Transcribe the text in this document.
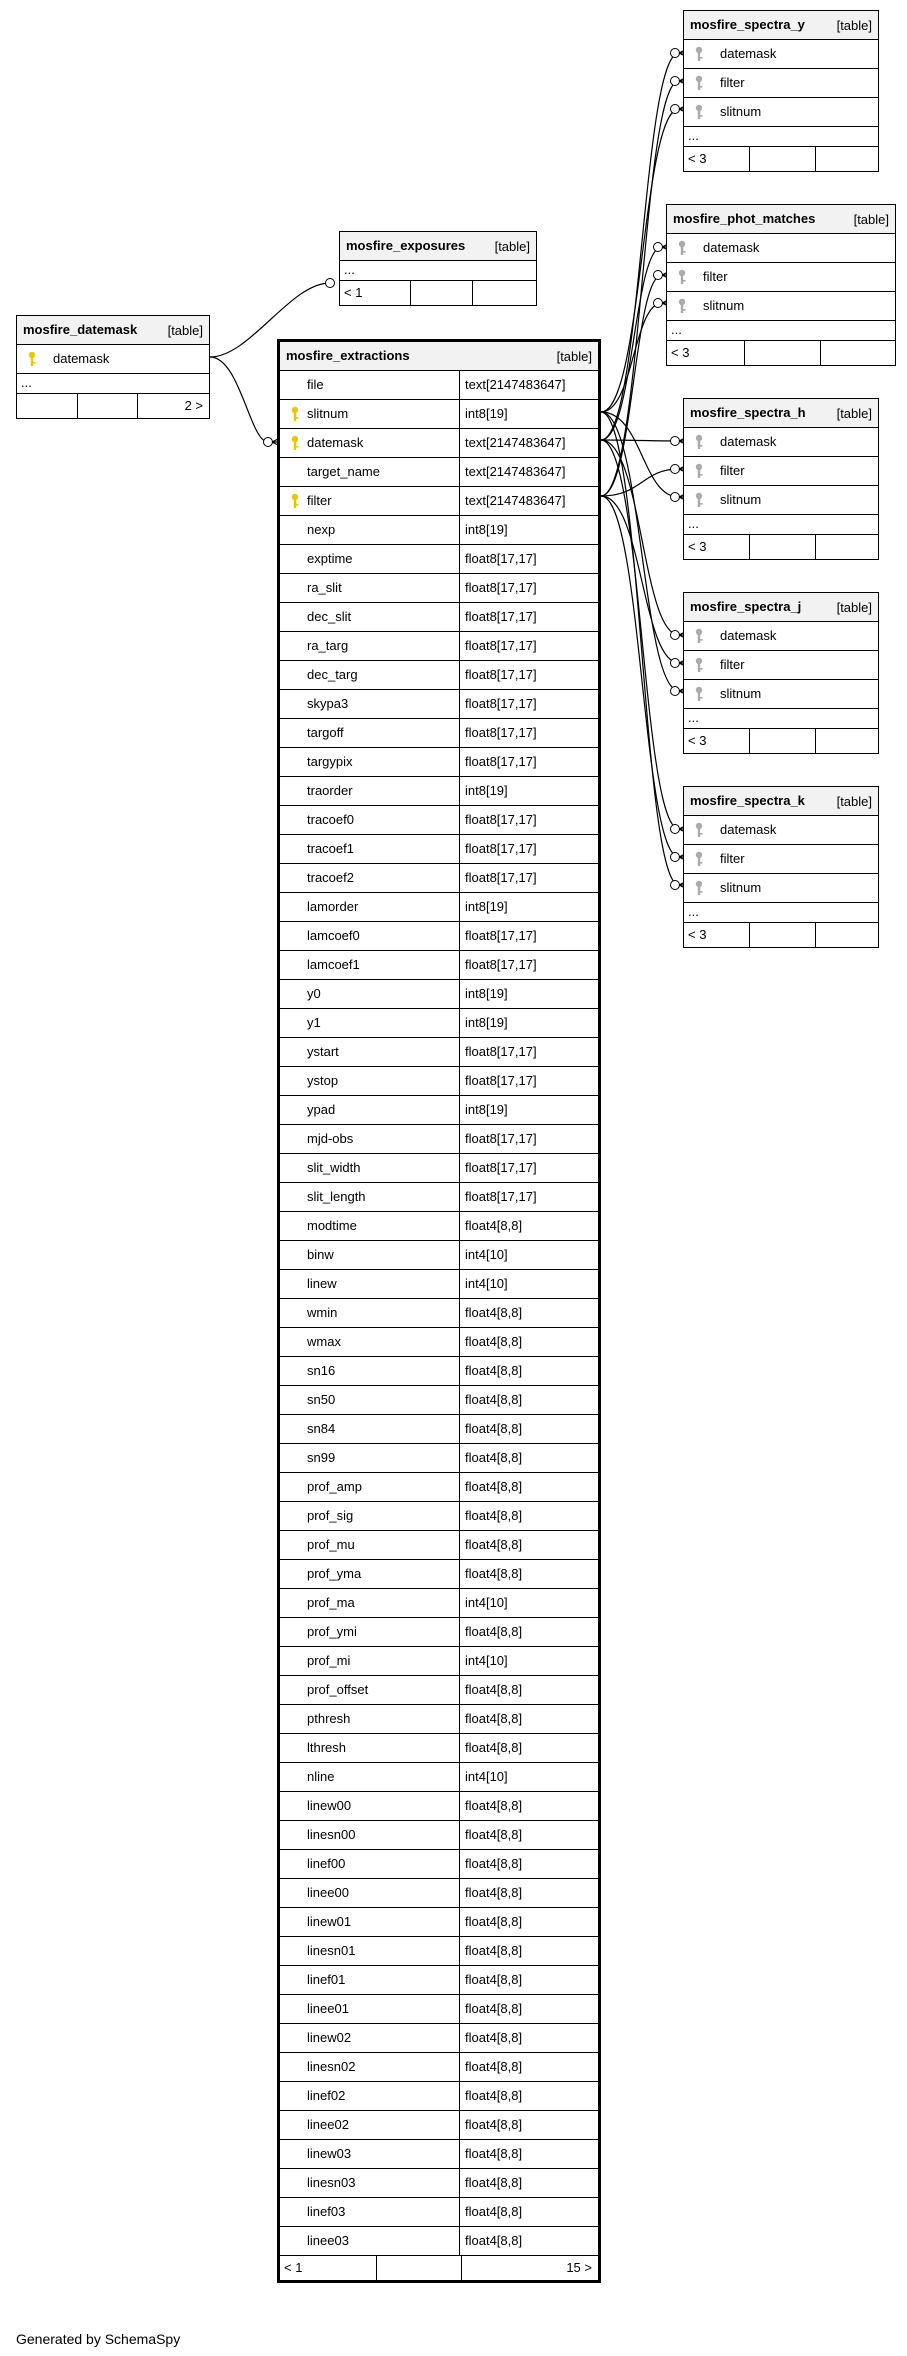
mosfire_datemask [table]
datemask
...
2 >
mosfire_exposures [table]
...
< 1
mosfire_extractions	[table]
file	text[2147483647]
slitnum	int8[19]
datemask	text[2147483647]
target_name	text[2147483647]
filter	text[2147483647]
nexp	int8[19]
exptime	float8[17,17]
ra_slit	float8[17,17]
dec_slit	float8[17,17]
ra_targ	float8[17,17]
dec_targ	float8[17,17]
skypa3	float8[17,17]
targoff	float8[17,17]
targypix	float8[17,17]
traorder	int8[19]
tracoef0	float8[17,17]
tracoef1	float8[17,17]
tracoef2	float8[17,17]
lamorder	int8[19]
lamcoef0	float8[17,17]
lamcoef1	float8[17,17]
y0	int8[19]
y1	int8[19]
ystart	float8[17,17]
ystop	float8[17,17]
ypad	int8[19]
mjd-obs	float8[17,17]
slit_width	float8[17,17]
slit_length	float8[17,17]
modtime	float4[8,8]
binw	int4[10]
linew	int4[10]
wmin	float4[8,8]
wmax	float4[8,8]
sn16	float4[8,8]
sn50	float4[8,8]
sn84	float4[8,8]
sn99	float4[8,8]
prof_amp	float4[8,8]
prof_sig	float4[8,8]
prof_mu	float4[8,8]
prof_yma	float4[8,8]
prof_ma	int4[10]
prof_ymi	float4[8,8]
prof_mi	int4[10]
prof_offset	float4[8,8]
pthresh	float4[8,8]
lthresh	float4[8,8]
nline	int4[10]
linew00	float4[8,8]
linesn00	float4[8,8]
linef00	float4[8,8]
linee00	float4[8,8]
linew01	float4[8,8]
linesn01	float4[8,8]
linef01	float4[8,8]
linee01	float4[8,8]
linew02	float4[8,8]
linesn02	float4[8,8]
linef02	float4[8,8]
linee02	float4[8,8]
linew03	float4[8,8]
linesn03	float4[8,8]
linef03	float4[8,8]
linee03	float4[8,8]
< 1	15 >
mosfire_spectra_y [table]
datemask
filter
slitnum
...
< 3
mosfire_phot_matches	[table]
datemask
filter
slitnum
...
< 3
mosfire_spectra_h [table]
datemask
filter
slitnum
...
< 3
mosfire_spectra_j	[table]
datemask
filter
slitnum
...
< 3
mosfire_spectra_k [table]
datemask
filter
slitnum
...
< 3
Generated by SchemaSpy
